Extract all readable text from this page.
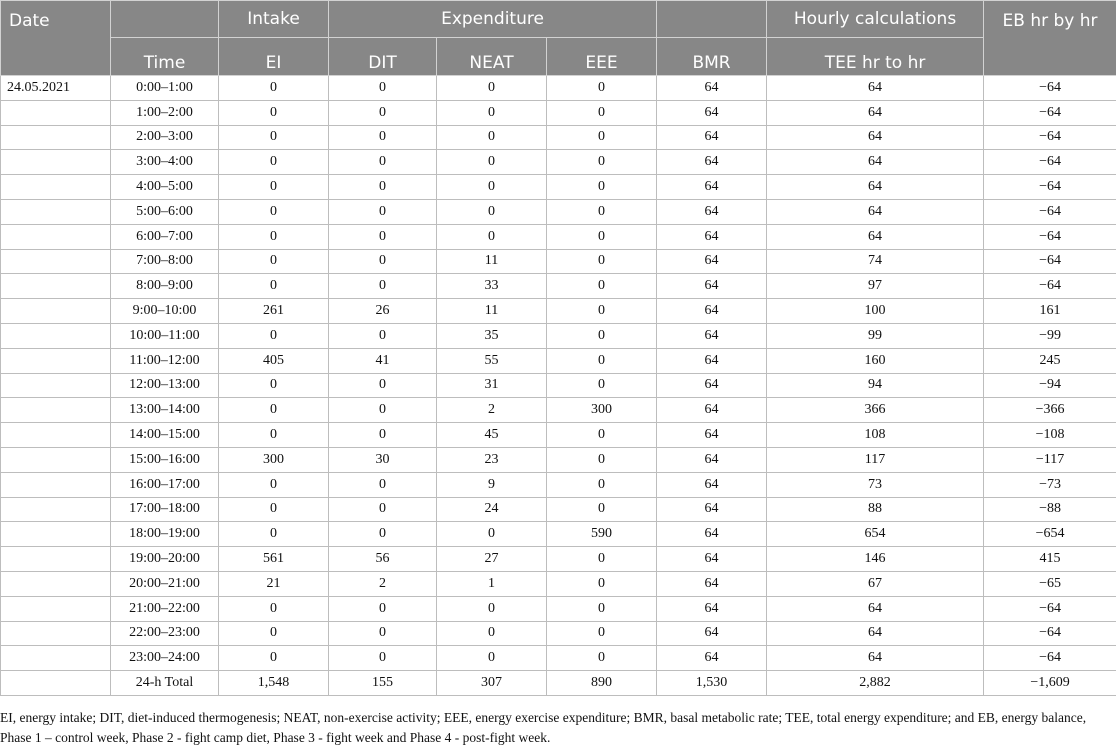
Date		Intake	Expenditure				Hourly calculations	EB hr by hr
	Time	EI	DIT	NEAT	EEE	BMR	TEE hr to hr	
24.05.2021	0:00–1:00	0	0	0	0	64	64	−64
	1:00–2:00	0	0	0	0	64	64	−64
	2:00–3:00	0	0	0	0	64	64	−64
	3:00–4:00	0	0	0	0	64	64	−64
	4:00–5:00	0	0	0	0	64	64	−64
	5:00–6:00	0	0	0	0	64	64	−64
	6:00–7:00	0	0	0	0	64	64	−64
	7:00–8:00	0	0	11	0	64	74	−64
	8:00–9:00	0	0	33	0	64	97	−64
	9:00–10:00	261	26	11	0	64	100	161
	10:00–11:00	0	0	35	0	64	99	−99
	11:00–12:00	405	41	55	0	64	160	245
	12:00–13:00	0	0	31	0	64	94	−94
	13:00–14:00	0	0	2	300	64	366	−366
	14:00–15:00	0	0	45	0	64	108	−108
	15:00–16:00	300	30	23	0	64	117	−117
	16:00–17:00	0	0	9	0	64	73	−73
	17:00–18:00	0	0	24	0	64	88	−88
	18:00–19:00	0	0	0	590	64	654	−654
	19:00–20:00	561	56	27	0	64	146	415
	20:00–21:00	21	2	1	0	64	67	−65
	21:00–22:00	0	0	0	0	64	64	−64
	22:00–23:00	0	0	0	0	64	64	−64
	23:00–24:00	0	0	0	0	64	64	−64
	24-h Total	1,548	155	307	890	1,530	2,882	−1,609
EI, energy intake; DIT, diet-induced thermogenesis; NEAT, non-exercise activity; EEE, energy exercise expenditure; BMR, basal metabolic rate; TEE, total energy expenditure; and EB, energy balance, Phase 1 – control week, Phase 2 - fight camp diet, Phase 3 - fight week and Phase 4 - post-fight week.
